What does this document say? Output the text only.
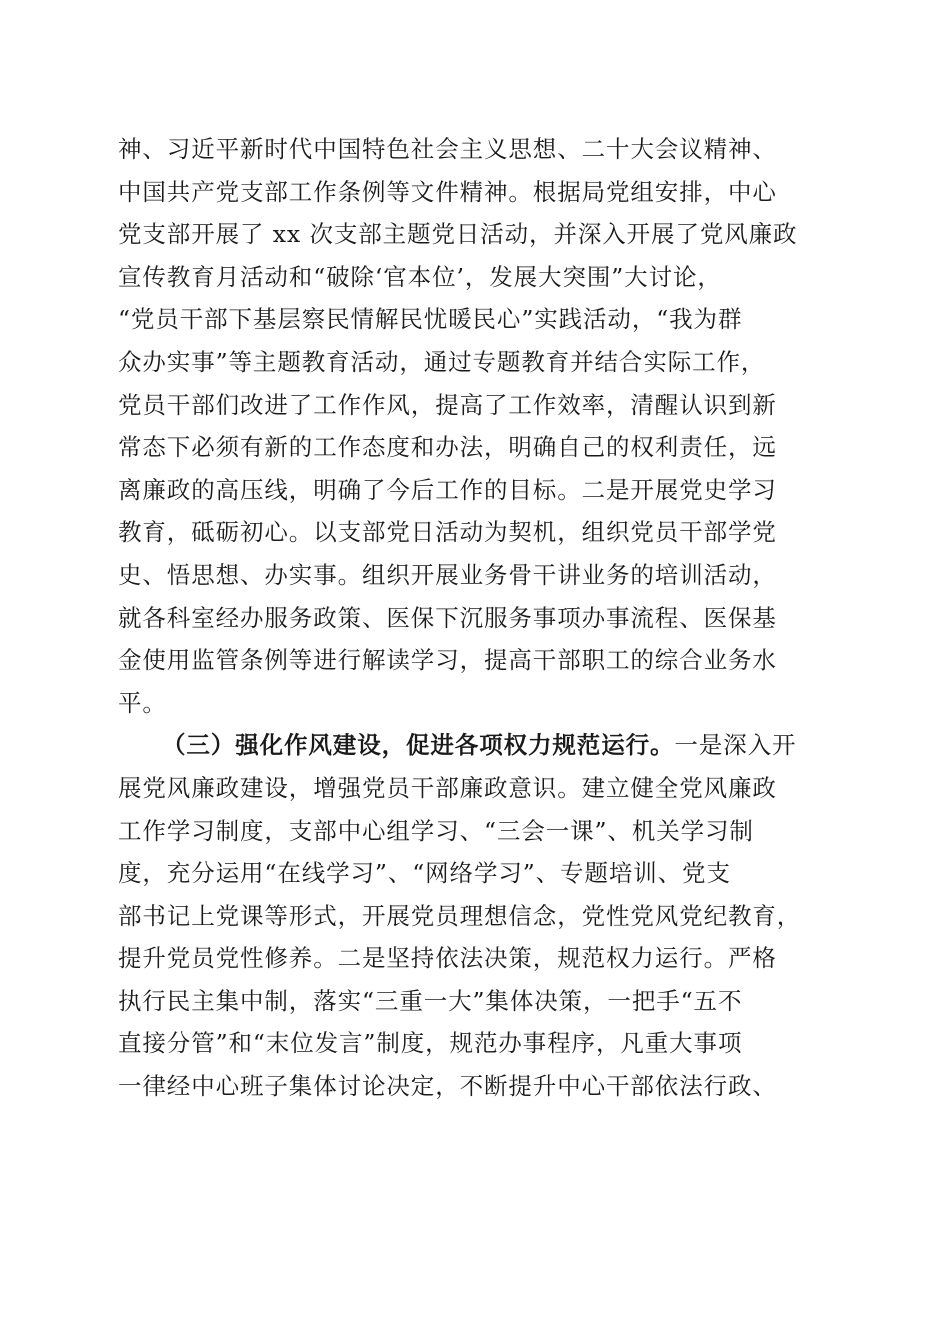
神、习近平新时代中国特色社会主义思想、二十大会议精神、
中国共产党支部工作条例等文件精神。根据局党组安排，中心
党支部开展了 xx 次支部主题党日活动，并深入开展了党风廉政
宣传教育月活动和“破除‘官本位’，发展大突围”大讨论，
“党员干部下基层察民情解民忧暖民心”实践活动，“我为群
众办实事”等主题教育活动，通过专题教育并结合实际工作，
党员干部们改进了工作作风，提高了工作效率，清醒认识到新
常态下必须有新的工作态度和办法，明确自己的权利责任，远
离廉政的高压线，明确了今后工作的目标。二是开展党史学习
教育，砥砺初心。以支部党日活动为契机，组织党员干部学党
史、悟思想、办实事。组织开展业务骨干讲业务的培训活动，
就各科室经办服务政策、医保下沉服务事项办事流程、医保基
金使用监管条例等进行解读学习，提高干部职工的综合业务水
平。
（三）强化作风建设，促进各项权力规范运行。一是深入开
展党风廉政建设，增强党员干部廉政意识。建立健全党风廉政
工作学习制度，支部中心组学习、“三会一课”、机关学习制
度，充分运用“在线学习”、“网络学习”、专题培训、党支
部书记上党课等形式，开展党员理想信念，党性党风党纪教育，
提升党员党性修养。二是坚持依法决策，规范权力运行。严格
执行民主集中制，落实“三重一大”集体决策，一把手“五不
直接分管”和“末位发言”制度，规范办事程序，凡重大事项
一律经中心班子集体讨论决定，不断提升中心干部依法行政、
